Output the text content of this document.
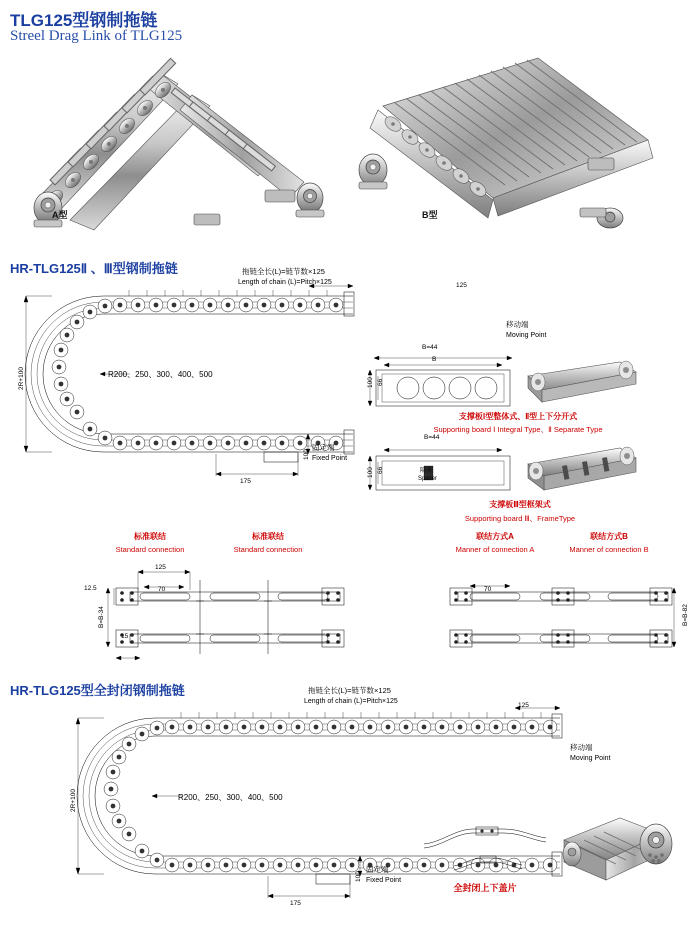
TLG125型钢制拖链
Streel Drag Link of TLG125
A型	B型
HR-TLG125Ⅱ 、Ⅲ型钢制拖链	拖链全长(L)=链节数×125
Length of chain (L)=Pitch×125	125
移动端
Moving Point
固定端
Fixed Point
R200、250、300、400、500
2R+100
175
100
B=44
B
100 66
支撑板Ⅰ型整体式、Ⅱ型上下分开式
Supporting board Ⅰ Integral Type、Ⅱ Separate Type
B=44
100 66	隔条
Spacer
支撑板Ⅲ型框架式
Supporting board Ⅲ、FrameType
标准联结
Standard connection
标准联结
Standard connection
联结方式A
Manner of connection A
联结方式B
Manner of connection B
125
70
15
12.5
B=B-34
70
B=B-82
HR-TLG125型全封闭钢制拖链	拖链全长(L)=链节数×125
Length of chain (L)=Pitch×125
125
移动端
Moving Point
固定端
Fixed Point
R200、250、300、400、500
2R+100
175
100
全封闭上下盖片
